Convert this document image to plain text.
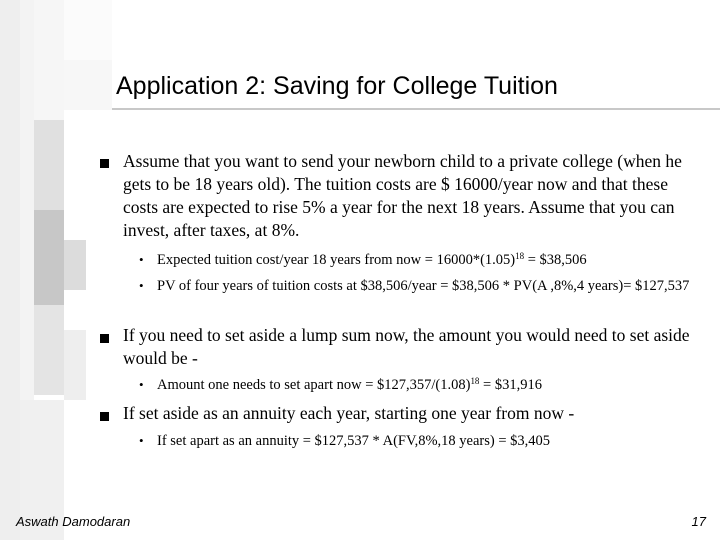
Application 2: Saving for College Tuition
Assume that you want to send your newborn child to a private college (when he gets to be 18 years old). The tuition costs are $ 16000/year now and that these costs are expected to rise 5% a year for the next 18 years. Assume that you can invest, after taxes, at 8%.
• Expected tuition cost/year 18 years from now = $16000*(1.05)^{18}$ = $38,506
• PV of four years of tuition costs at $38,506/year = $38,506 * PV(A ,8%,4 years)= $127,537
If you need to set aside a lump sum now, the amount you would need to set aside would be -
• Amount one needs to set apart now = $\$127,357/(1.08)^{18}$ = $31,916
If set aside as an annuity each year, starting one year from now -
• If set apart as an annuity = $127,537 * A(FV,8%,18 years) = $3,405
Aswath Damodaran	17
